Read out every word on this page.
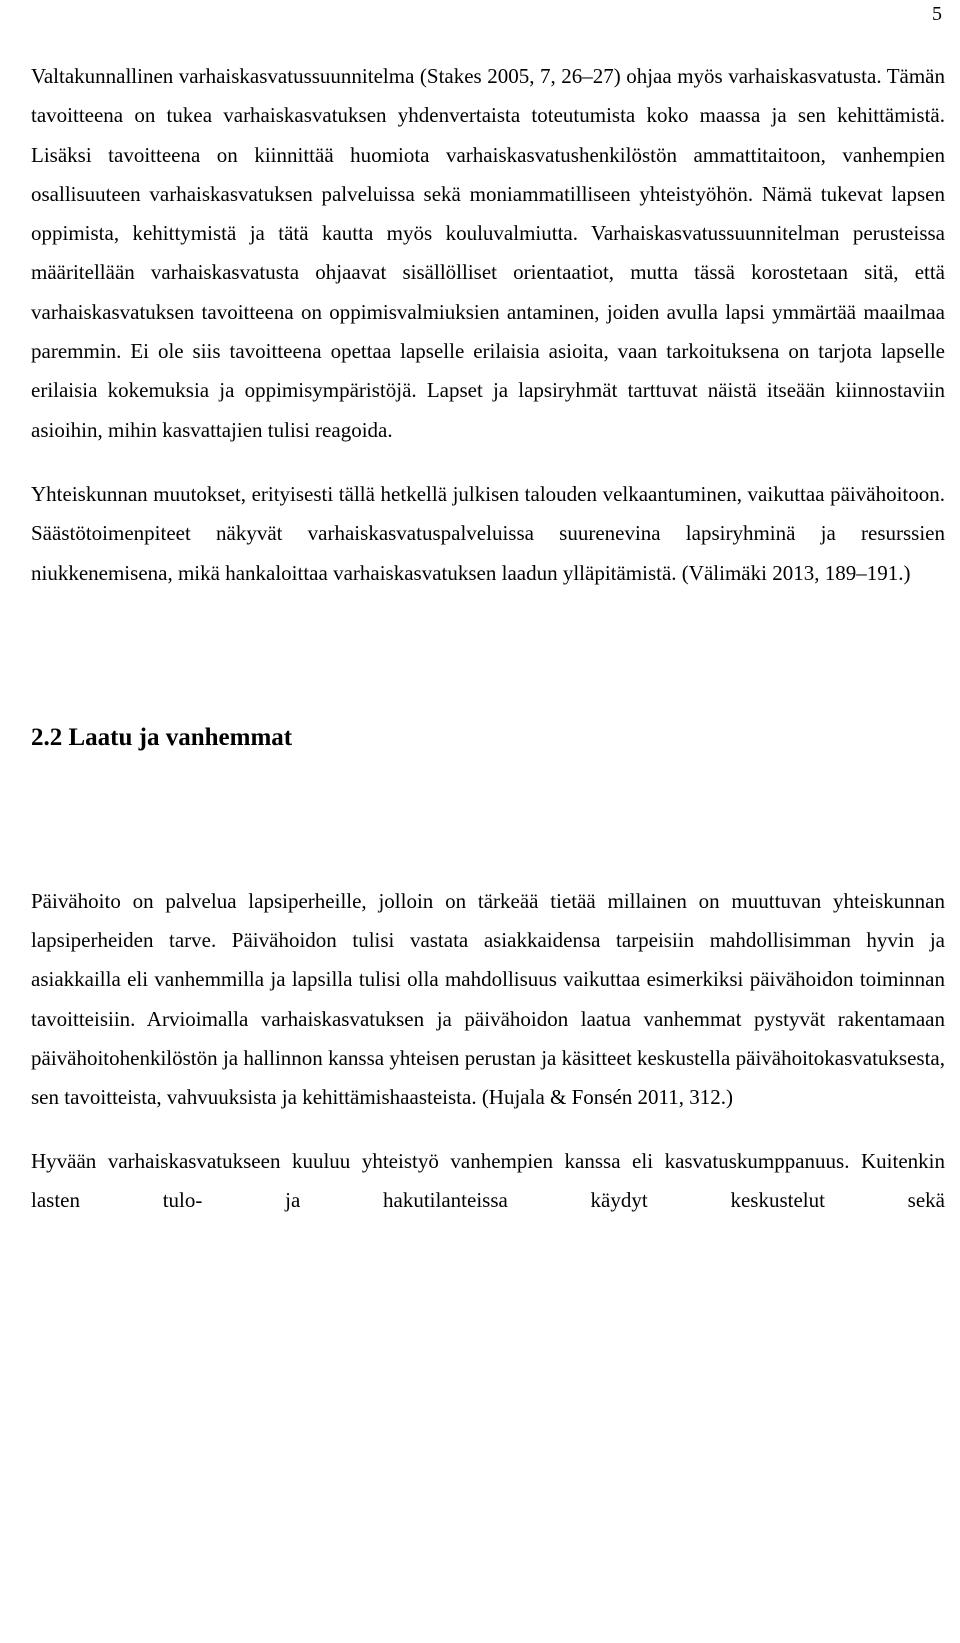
5

Valtakunnallinen varhaiskasvatussuunnitelma (Stakes 2005, 7, 26–27) ohjaa myös varhaiskasvatusta. Tämän tavoitteena on tukea varhaiskasvatuksen yhdenvertaista toteutumista koko maassa ja sen kehittämistä. Lisäksi tavoitteena on kiinnittää huomiota varhaiskasvatushenkilöstön ammattitaitoon, vanhempien osallisuuteen varhaiskasvatuksen palveluissa sekä moniammatilliseen yhteistyöhön. Nämä tukevat lapsen oppimista, kehittymistä ja tätä kautta myös kouluvalmiutta. Varhaiskasvatussuunnitelman perusteissa määritellään varhaiskasvatusta ohjaavat sisällölliset orientaatiot, mutta tässä korostetaan sitä, että varhaiskasvatuksen tavoitteena on oppimisvalmiuksien antaminen, joiden avulla lapsi ymmärtää maailmaa paremmin. Ei ole siis tavoitteena opettaa lapselle erilaisia asioita, vaan tarkoituksena on tarjota lapselle erilaisia kokemuksia ja oppimisympäristöjä. Lapset ja lapsiryhmät tarttuvat näistä itseään kiinnostaviin asioihin, mihin kasvattajien tulisi reagoida.

Yhteiskunnan muutokset, erityisesti tällä hetkellä julkisen talouden velkaantuminen, vaikuttaa päivähoitoon. Säästötoimenpiteet näkyvät varhaiskasvatuspalveluissa suurenevina lapsiryhminä ja resurssien niukkenemisena, mikä hankaloittaa varhaiskasvatuksen laadun ylläpitämistä. (Välimäki 2013, 189–191.)

2.2 Laatu ja vanhemmat

Päivähoito on palvelua lapsiperheille, jolloin on tärkeää tietää millainen on muuttuvan yhteiskunnan lapsiperheiden tarve. Päivähoidon tulisi vastata asiakkaidensa tarpeisiin mahdollisimman hyvin ja asiakkailla eli vanhemmilla ja lapsilla tulisi olla mahdollisuus vaikuttaa esimerkiksi päivähoidon toiminnan tavoitteisiin. Arvioimalla varhaiskasvatuksen ja päivähoidon laatua vanhemmat pystyvät rakentamaan päivähoitohenkilöstön ja hallinnon kanssa yhteisen perustan ja käsitteet keskustella päivähoitokasvatuksesta, sen tavoitteista, vahvuuksista ja kehittämishaasteista. (Hujala & Fonsén 2011, 312.)

Hyvään varhaiskasvatukseen kuuluu yhteistyö vanhempien kanssa eli kasvatuskumppanuus. Kuitenkin lasten tulo- ja hakutilanteissa käydyt keskustelut sekä
